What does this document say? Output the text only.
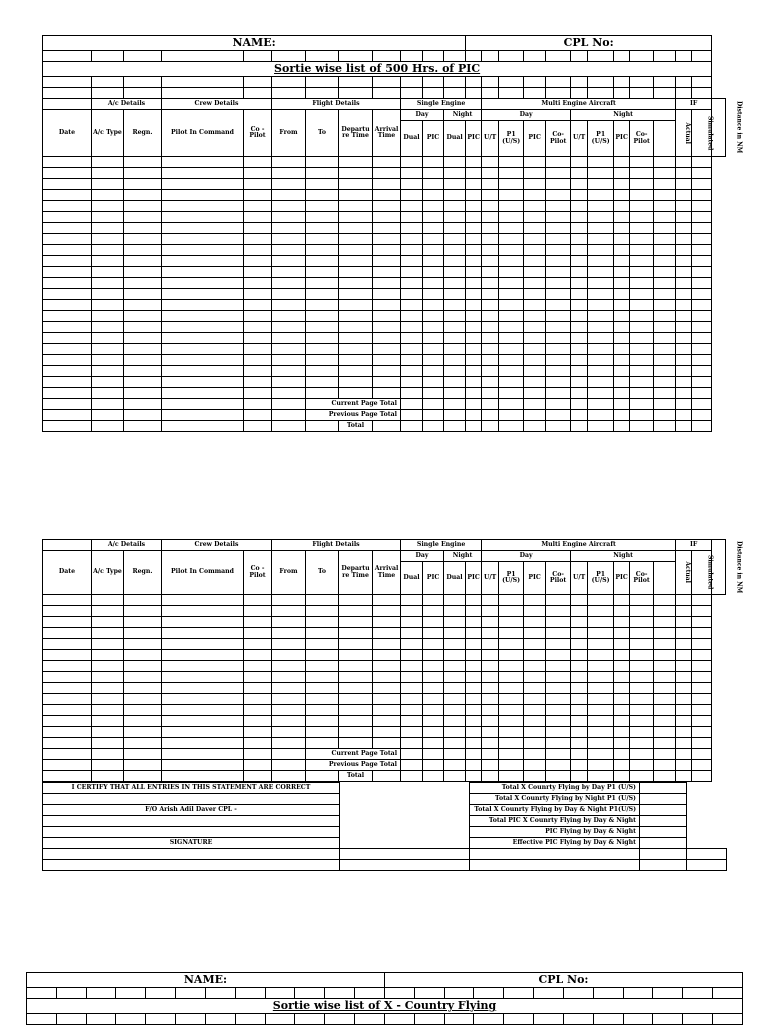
NAME:												CPL No:												

Sortie wise list of 500 Hrs. of PIC																								

	A/c Details		Crew Details		Flight Details				Single Engine				Multi Engine Aircraft									IF		Distance in NM
Date	A/c Type	Regn.	Pilot In Command	Co - Pilot	From	To	Departu re Time	Arrival Time	Day		Night		Day				Night					Actual	Simulated	
									Dual	PIC	Dual	PIC	U/T	P1 (U/S)	PIC	Co- Pilot	U/T	P1 (U/S)	PIC	Co- Pilot				

						Current Page Total																		
						Previous Page Total																		
							Total																	
	A/c Details		Crew Details		Flight Details				Single Engine				Multi Engine Aircraft									IF		Distance in NM
Date	A/c Type	Regn.	Pilot In Command	Co - Pilot	From	To	Departu re Time	Arrival Time	Day		Night		Day				Night					Actual	Simulated	
									Dual	PIC	Dual	PIC	U/T	P1 (U/S)	PIC	Co- Pilot	U/T	P1 (U/S)	PIC	Co- Pilot				

						Current Page Total																		
						Previous Page Total																		
							Total																	
I CERTIFY THAT ALL ENTRIES IN THIS STATEMENT ARE CORRECT		Total X Counrty Flying by Day P1 (U/S)		
		Total X Counrty Flying by Night P1 (U/S)		
F/O Arish Adil Daver CPL -		Total X Counrty Flying by Day & Night P1(U/S)		
		Total PIC X Counrty Flying by Day & Night		
		PIC Flying by Day & Night		
SIGNATURE		Effective PIC Flying by Day & Night		

NAME:												CPL No:											

Sortie wise list of X - Country Flying																							
